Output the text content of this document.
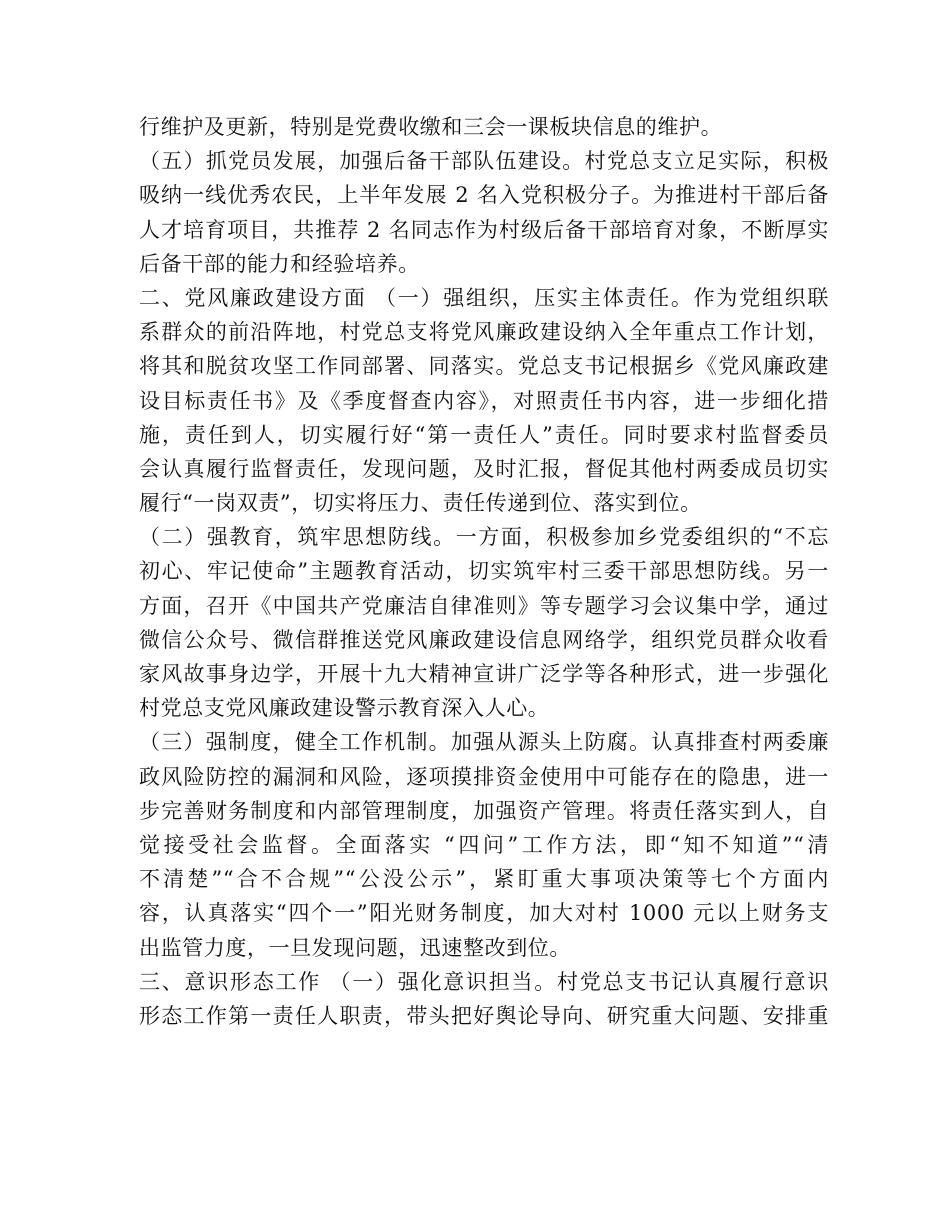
行维护及更新，特别是党费收缴和三会一课板块信息的维护。
（五）抓党员发展，加强后备干部队伍建设。村党总支立足实际，积极
吸纳一线优秀农民，上半年发展 2 名入党积极分子。为推进村干部后备
人才培育项目，共推荐 2 名同志作为村级后备干部培育对象，不断厚实
后备干部的能力和经验培养。
二、党风廉政建设方面 （一）强组织，压实主体责任。作为党组织联
系群众的前沿阵地，村党总支将党风廉政建设纳入全年重点工作计划，
将其和脱贫攻坚工作同部署、同落实。党总支书记根据乡《党风廉政建
设目标责任书》及《季度督查内容》，对照责任书内容，进一步细化措
施，责任到人，切实履行好“第一责任人”责任。同时要求村监督委员
会认真履行监督责任，发现问题，及时汇报，督促其他村两委成员切实
履行“一岗双责”，切实将压力、责任传递到位、落实到位。
（二）强教育，筑牢思想防线。一方面，积极参加乡党委组织的“不忘
初心、牢记使命”主题教育活动，切实筑牢村三委干部思想防线。另一
方面，召开《中国共产党廉洁自律准则》等专题学习会议集中学，通过
微信公众号、微信群推送党风廉政建设信息网络学，组织党员群众收看
家风故事身边学，开展十九大精神宣讲广泛学等各种形式，进一步强化
村党总支党风廉政建设警示教育深入人心。
（三）强制度，健全工作机制。加强从源头上防腐。认真排查村两委廉
政风险防控的漏洞和风险，逐项摸排资金使用中可能存在的隐患，进一
步完善财务制度和内部管理制度，加强资产管理。将责任落实到人，自
觉接受社会监督。全面落实 “四问”工作方法，即“知不知道”“清
不清楚”“合不合规”“公没公示”，紧盯重大事项决策等七个方面内
容，认真落实“四个一”阳光财务制度，加大对村 1000 元以上财务支
出监管力度，一旦发现问题，迅速整改到位。
三、意识形态工作 （一）强化意识担当。村党总支书记认真履行意识
形态工作第一责任人职责，带头把好舆论导向、研究重大问题、安排重
